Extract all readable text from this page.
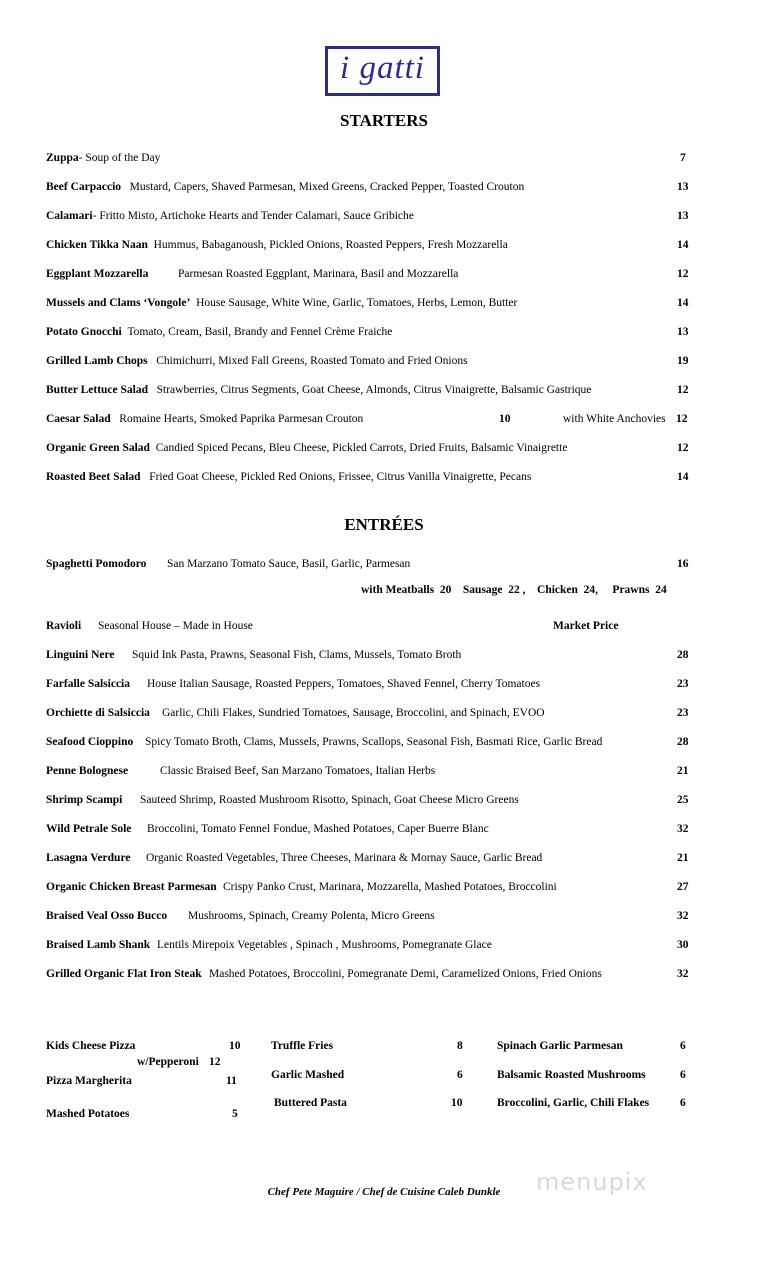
i gatti
STARTERS
Zuppa- Soup of the Day	7
Beef Carpaccio Mustard, Capers, Shaved Parmesan, Mixed Greens, Cracked Pepper, Toasted Crouton	13
Calamari- Fritto Misto, Artichoke Hearts and Tender Calamari, Sauce Gribiche	13
Chicken Tikka Naan Hummus, Babaganoush, Pickled Onions, Roasted Peppers, Fresh Mozzarella	14
Eggplant Mozzarella	Parmesan Roasted Eggplant, Marinara, Basil and Mozzarella	12
Mussels and Clams ‘Vongole’ House Sausage, White Wine, Garlic, Tomatoes, Herbs, Lemon, Butter	14
Potato Gnocchi Tomato, Cream, Basil, Brandy and Fennel Crème Fraiche	13
Grilled Lamb Chops Chimichurri, Mixed Fall Greens, Roasted Tomato and Fried Onions	19
Butter Lettuce Salad Strawberries, Citrus Segments, Goat Cheese, Almonds, Citrus Vinaigrette, Balsamic Gastrique	12
Caesar Salad Romaine Hearts, Smoked Paprika Parmesan Crouton	10	with White Anchovies 12
Organic Green Salad Candied Spiced Pecans, Bleu Cheese, Pickled Carrots, Dried Fruits, Balsamic Vinaigrette	12
Roasted Beet Salad Fried Goat Cheese, Pickled Red Onions, Frissee, Citrus Vanilla Vinaigrette, Pecans	14
ENTRÉES
Spaghetti Pomodoro San Marzano Tomato Sauce, Basil, Garlic, Parmesan	16
with Meatballs  20    Sausage  22 ,    Chicken  24,     Prawns  24
Ravioli Seasonal House – Made in House	Market Price
Linguini Nere Squid Ink Pasta, Prawns, Seasonal Fish, Clams, Mussels, Tomato Broth	28
Farfalle Salsiccia House Italian Sausage, Roasted Peppers, Tomatoes, Shaved Fennel, Cherry Tomatoes	23
Orchiette di Salsiccia Garlic, Chili Flakes, Sundried Tomatoes, Sausage, Broccolini, and Spinach, EVOO	23
Seafood Cioppino Spicy Tomato Broth, Clams, Mussels, Prawns, Scallops, Seasonal Fish, Basmati Rice, Garlic Bread	28
Penne Bolognese	Classic Braised Beef, San Marzano Tomatoes, Italian Herbs	21
Shrimp Scampi Sauteed Shrimp, Roasted Mushroom Risotto, Spinach, Goat Cheese Micro Greens	25
Wild Petrale Sole Broccolini, Tomato Fennel Fondue, Mashed Potatoes, Caper Buerre Blanc	32
Lasagna Verdure Organic Roasted Vegetables, Three Cheeses, Marinara & Mornay Sauce, Garlic Bread	21
Organic Chicken Breast Parmesan Crispy Panko Crust, Marinara, Mozzarella, Mashed Potatoes, Broccolini	27
Braised Veal Osso Bucco Mushrooms, Spinach, Creamy Polenta, Micro Greens	32
Braised Lamb Shank Lentils Mirepoix Vegetables , Spinach , Mushrooms, Pomegranate Glace	30
Grilled Organic Flat Iron Steak Mashed Potatoes, Broccolini, Pomegranate Demi, Caramelized Onions, Fried Onions	32
Kids Cheese Pizza	10
w/Pepperoni 12
Pizza Margherita	11
Mashed Potatoes	5
Truffle Fries	8
Garlic Mashed	6
Buttered Pasta	10
Spinach Garlic Parmesan	6
Balsamic Roasted Mushrooms	6
Broccolini, Garlic, Chili Flakes	6
menupix
Chef Pete Maguire / Chef de Cuisine Caleb Dunkle
